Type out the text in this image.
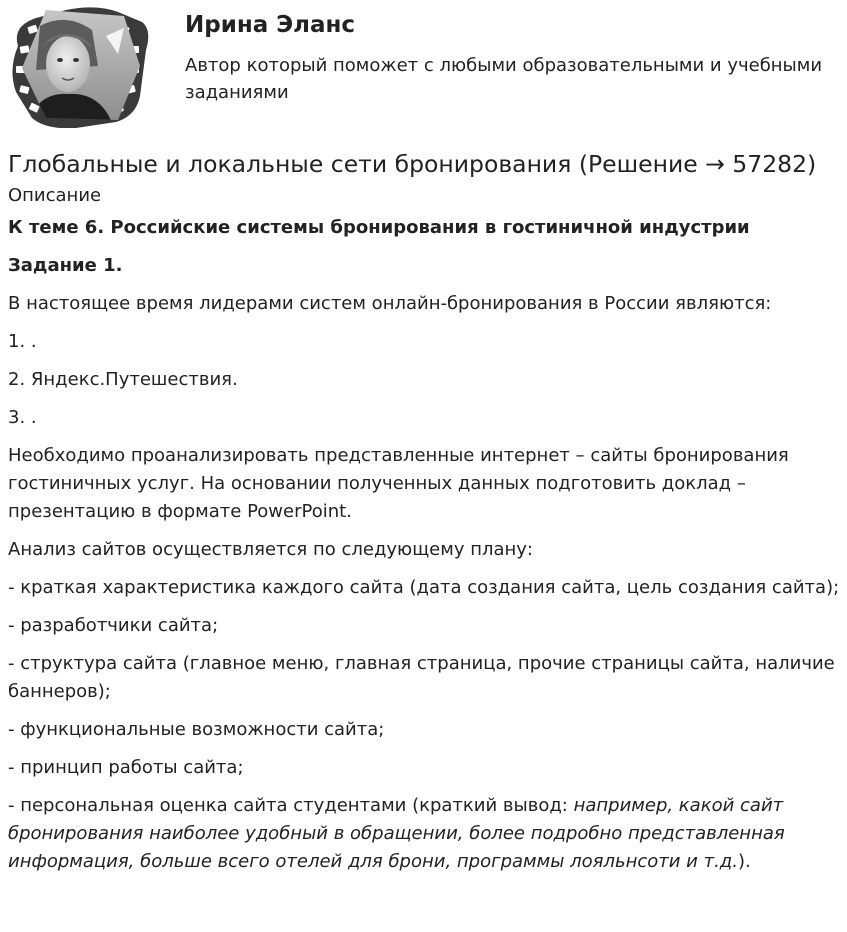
Ирина Эланс
Автор который поможет с любыми образовательными и учебными заданиями
Глобальные и локальные сети бронирования (Решение → 57282)
Описание

К теме 6. Российские системы бронирования в гостиничной индустрии

Задание 1.

В настоящее время лидерами систем онлайн-бронирования в России являются:

1. .

2. Яндекс.Путешествия.

3. .

Необходимо проанализировать представленные интернет – сайты бронирования гостиничных услуг. На основании полученных данных подготовить доклад – презентацию в формате PowerPoint.

Анализ сайтов осуществляется по следующему плану:

- краткая характеристика каждого сайта (дата создания сайта, цель создания сайта);

- разработчики сайта;

- структура сайта (главное меню, главная страница, прочие страницы сайта, наличие баннеров);

- функциональные возможности сайта;

- принцип работы сайта;

- персональная оценка сайта студентами (краткий вывод: например, какой сайт бронирования наиболее удобный в обращении, более подробно представленная информация, больше всего отелей для брони, программы лояльнсоти и т.д.).
